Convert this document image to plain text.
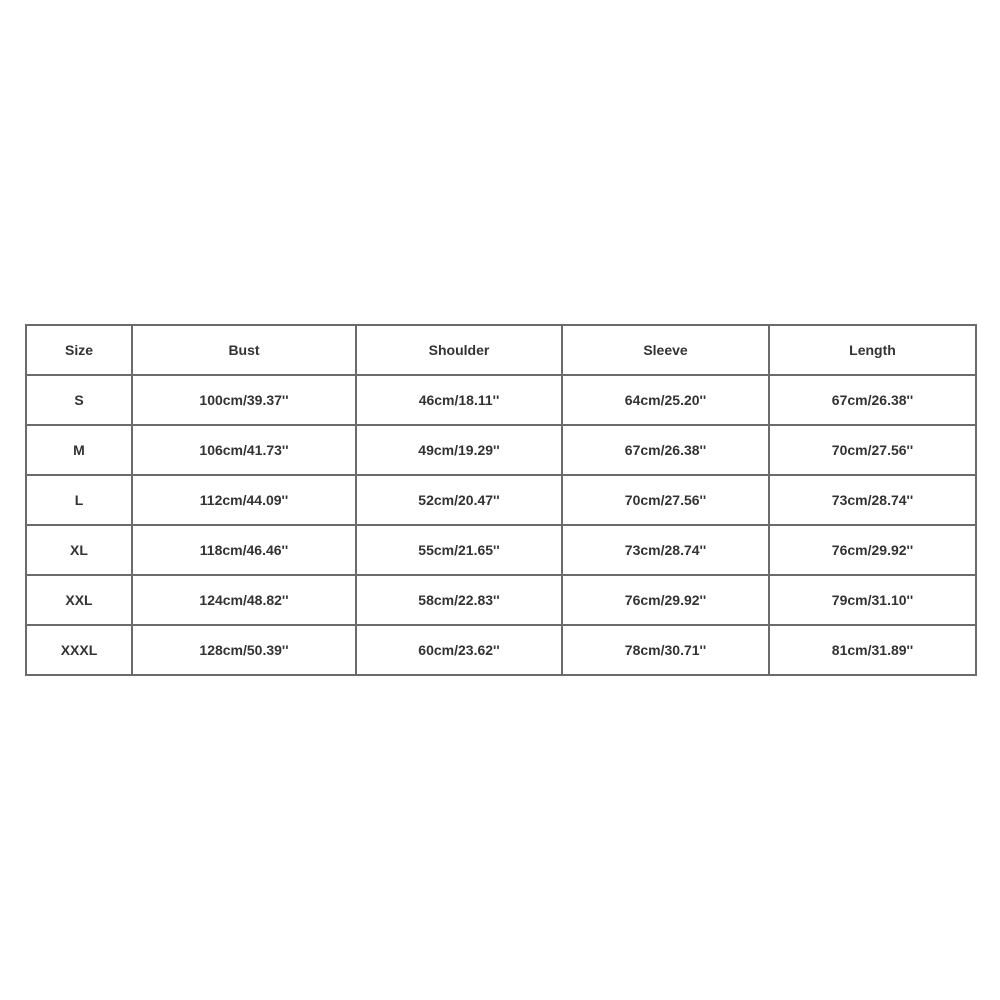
Size	Bust	Shoulder	Sleeve	Length
S	100cm/39.37''	46cm/18.11''	64cm/25.20''	67cm/26.38''
M	106cm/41.73''	49cm/19.29''	67cm/26.38''	70cm/27.56''
L	112cm/44.09''	52cm/20.47''	70cm/27.56''	73cm/28.74''
XL	118cm/46.46''	55cm/21.65''	73cm/28.74''	76cm/29.92''
XXL	124cm/48.82''	58cm/22.83''	76cm/29.92''	79cm/31.10''
XXXL	128cm/50.39''	60cm/23.62''	78cm/30.71''	81cm/31.89''
